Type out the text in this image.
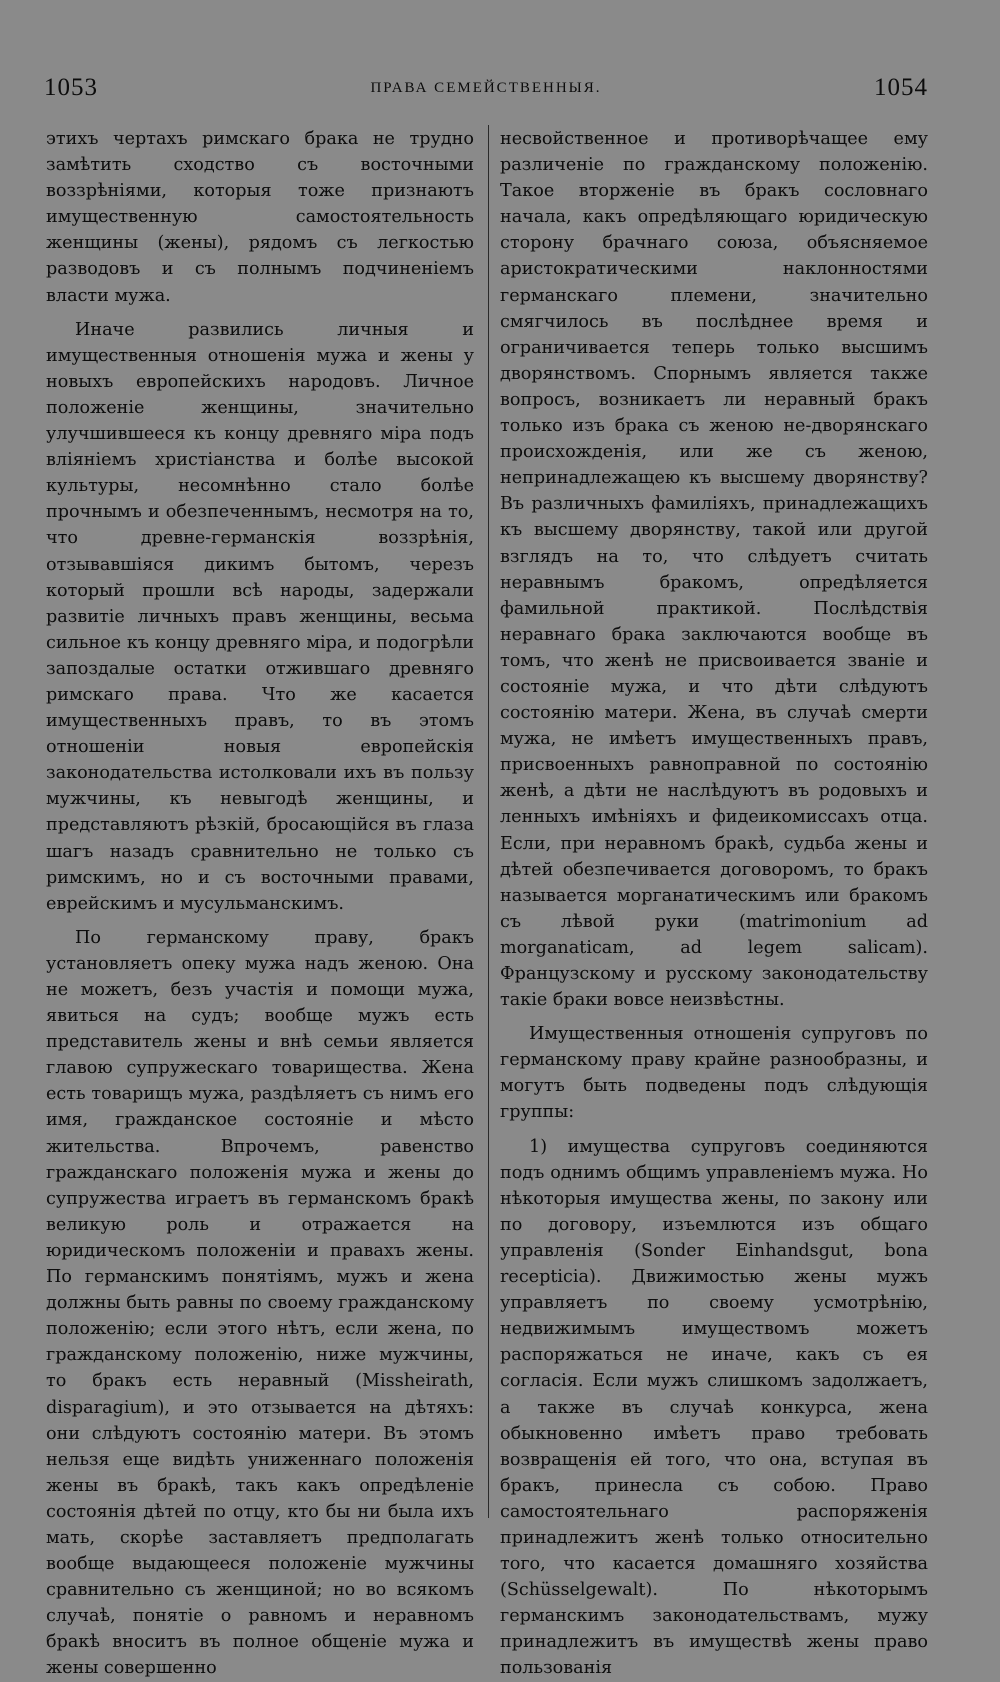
1053	ПРАВА СЕМЕЙСТВЕННЫЯ.	1054

этихъ чертахъ римскаго брака не трудно замѣтить сходство съ восточными воззрѣніями, которыя тоже признаютъ имущественную самостоятельность женщины (жены), рядомъ съ легкостью разводовъ и съ полнымъ подчиненіемъ власти мужа.

Иначе развились личныя и имущественныя отношенія мужа и жены у новыхъ европейскихъ народовъ. Личное положеніе женщины, значительно улучшившееся къ концу древняго міра подъ вліяніемъ христіанства и болѣе высокой культуры, несомнѣнно стало болѣе прочнымъ и обезпеченнымъ, несмотря на то, что древне-германскія воззрѣнія, отзывавшіяся дикимъ бытомъ, черезъ который прошли всѣ народы, задержали развитіе личныхъ правъ женщины, весьма сильное къ концу древняго міра, и подогрѣли запоздалые остатки отжившаго древняго римскаго права. Что же касается имущественныхъ правъ, то въ этомъ отношеніи новыя европейскія законодательства истолковали ихъ въ пользу мужчины, къ невыгодѣ женщины, и представляютъ рѣзкій, бросающійся въ глаза шагъ назадъ сравнительно не только съ римскимъ, но и съ восточными правами, еврейскимъ и мусульманскимъ.

По германскому праву, бракъ установляетъ опеку мужа надъ женою. Она не можетъ, безъ участія и помощи мужа, явиться на судъ; вообще мужъ есть представитель жены и внѣ семьи является главою супружескаго товарищества. Жена есть товарищъ мужа, раздѣляетъ съ нимъ его имя, гражданское состояніе и мѣсто жительства. Впрочемъ, равенство гражданскаго положенія мужа и жены до супружества играетъ въ германскомъ бракѣ великую роль и отражается на юридическомъ положеніи и правахъ жены. По германскимъ понятіямъ, мужъ и жена должны быть равны по своему гражданскому положенію; если этого нѣтъ, если жена, по гражданскому положенію, ниже мужчины, то бракъ есть неравный (Missheirath, disparagium), и это отзывается на дѣтяхъ: они слѣдуютъ состоянію матери. Въ этомъ нельзя еще видѣть униженнаго положенія жены въ бракѣ, такъ какъ опредѣленіе состоянія дѣтей по отцу, кто бы ни была ихъ мать, скорѣе заставляетъ предполагать вообще выдающееся положеніе мужчины сравнительно съ женщиной; но во всякомъ случаѣ, понятіе о равномъ и неравномъ бракѣ вноситъ въ полное общеніе мужа и жены совершенно

несвойственное и противорѣчащее ему различеніе по гражданскому положенію. Такое вторженіе въ бракъ сословнаго начала, какъ опредѣляющаго юридическую сторону брачнаго союза, объясняемое аристократическими наклонностями германскаго племени, значительно смягчилось въ послѣднее время и ограничивается теперь только высшимъ дворянствомъ. Спорнымъ является также вопросъ, возникаетъ ли неравный бракъ только изъ брака съ женою не-дворянскаго происхожденія, или же съ женою, непринадлежащею къ высшему дворянству? Въ различныхъ фамиліяхъ, принадлежащихъ къ высшему дворянству, такой или другой взглядъ на то, что слѣдуетъ считать неравнымъ бракомъ, опредѣляется фамильной практикой. Послѣдствія неравнаго брака заключаются вообще въ томъ, что женѣ не присвоивается званіе и состояніе мужа, и что дѣти слѣдуютъ состоянію матери. Жена, въ случаѣ смерти мужа, не имѣетъ имущественныхъ правъ, присвоенныхъ равноправной по состоянію женѣ, а дѣти не наслѣдуютъ въ родовыхъ и ленныхъ имѣніяхъ и фидеикомиссахъ отца. Если, при неравномъ бракѣ, судьба жены и дѣтей обезпечивается договоромъ, то бракъ называется морганатическимъ или бракомъ съ лѣвой руки (matrimonium ad morganaticam, ad legem salicam). Французскому и русскому законодательству такіе браки вовсе неизвѣстны.

Имущественныя отношенія супруговъ по германскому праву крайне разнообразны, и могутъ быть подведены подъ слѣдующія группы:

1) имущества супруговъ соединяются подъ однимъ общимъ управленіемъ мужа. Но нѣкоторыя имущества жены, по закону или по договору, изъемлются изъ общаго управленія (Sonder Einhandsgut, bona recepticia). Движимостью жены мужъ управляетъ по своему усмотрѣнію, недвижимымъ имуществомъ можетъ распоряжаться не иначе, какъ съ ея согласія. Если мужъ слишкомъ задолжаетъ, а также въ случаѣ конкурса, жена обыкновенно имѣетъ право требовать возвращенія ей того, что она, вступая въ бракъ, принесла съ собою. Право самостоятельнаго распоряженія принадлежитъ женѣ только относительно того, что касается домашняго хозяйства (Schüsselgewalt). По нѣкоторымъ германскимъ законодательствамъ, мужу принадлежитъ въ имуществѣ жены право пользованія
